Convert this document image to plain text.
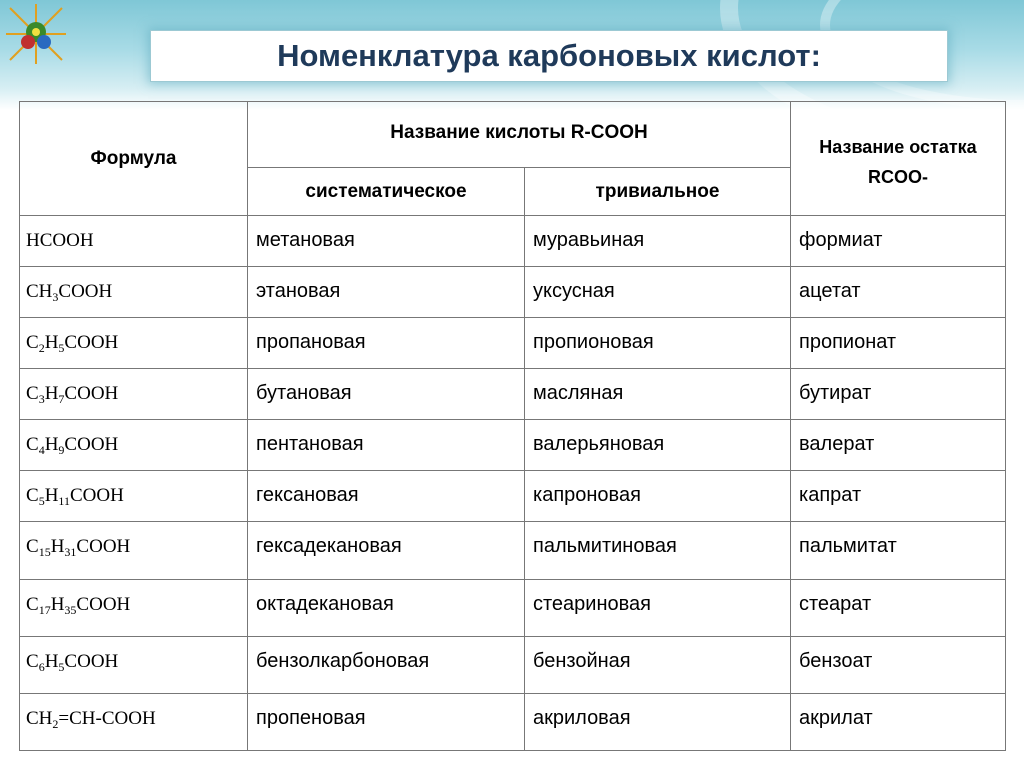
Номенклатура карбоновых кислот:
Формула	Название кислоты R-COOH		Название остатка
RCOO-
	систематическое	тривиальное	
HCOOH	метановая	муравьиная	формиат
$CH_3COOH$	этановая	уксусная	ацетат
$C_2H_5COOH$	пропановая	пропионовая	пропионат
$C_3H_7COOH$	бутановая	масляная	бутират
$C_4H_9COOH$	пентановая	валерьяновая	валерат
$C_5H_{11}COOH$	гексановая	капроновая	капрат
$C_{15}H_{31}COOH$	гексадекановая	пальмитиновая	пальмитат
$C_{17}H_{35}COOH$	октадекановая	стеариновая	стеарат
$C_6H_5COOH$	бензолкарбоновая	бензойная	бензоат
$CH_2=CH$-COOH	пропеновая	акриловая	акрилат
